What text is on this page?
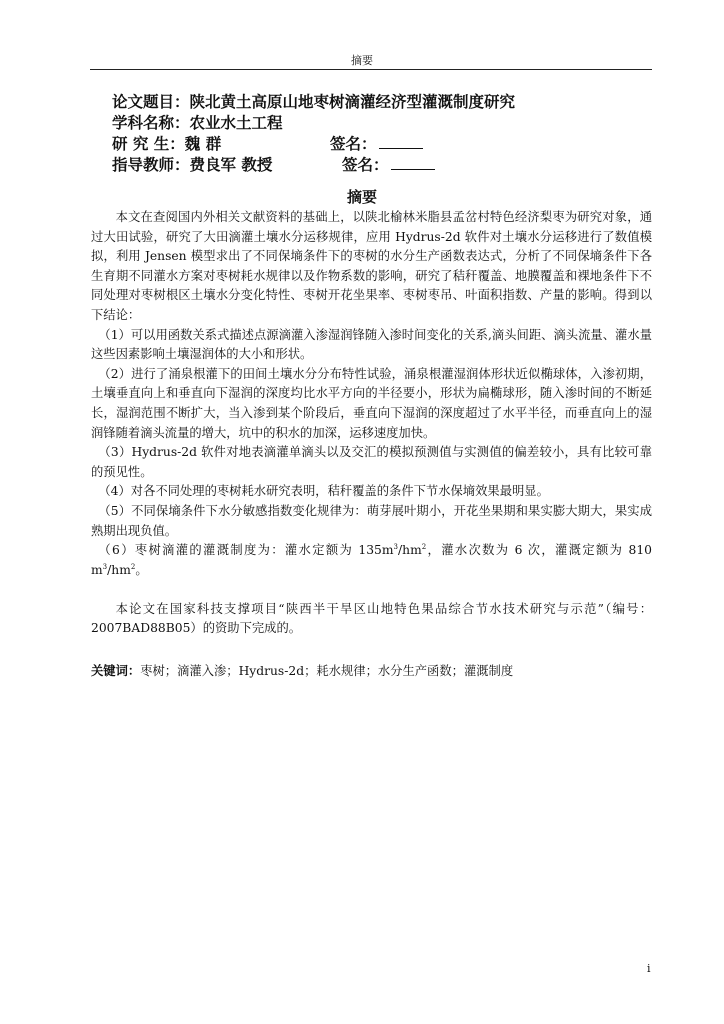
摘要
论文题目：陕北黄土高原山地枣树滴灌经济型灌溉制度研究
学科名称：农业水土工程
研 究 生：魏 群	签名：
指导教师：费良军 教授	签名：
摘要

本文在查阅国内外相关文献资料的基础上，以陕北榆林米脂县孟岔村特色经济梨枣为研究对象，通过大田试验，研究了大田滴灌土壤水分运移规律，应用 Hydrus-2d 软件对土壤水分运移进行了数值模拟，利用 Jensen 模型求出了不同保墒条件下的枣树的水分生产函数表达式，分析了不同保墒条件下各生育期不同灌水方案对枣树耗水规律以及作物系数的影响，研究了秸秆覆盖、地膜覆盖和裸地条件下不同处理对枣树根区土壤水分变化特性、枣树开花坐果率、枣树枣吊、叶面积指数、产量的影响。得到以下结论：

（1）可以用函数关系式描述点源滴灌入渗湿润锋随入渗时间变化的关系,滴头间距、滴头流量、灌水量这些因素影响土壤湿润体的大小和形状。

（2）进行了涌泉根灌下的田间土壤水分分布特性试验，涌泉根灌湿润体形状近似椭球体，入渗初期，土壤垂直向上和垂直向下湿润的深度均比水平方向的半径要小，形状为扁椭球形，随入渗时间的不断延长，湿润范围不断扩大，当入渗到某个阶段后，垂直向下湿润的深度超过了水平半径，而垂直向上的湿润锋随着滴头流量的增大，坑中的积水的加深，运移速度加快。

（3）Hydrus-2d 软件对地表滴灌单滴头以及交汇的模拟预测值与实测值的偏差较小，具有比较可靠的预见性。

（4）对各不同处理的枣树耗水研究表明，秸秆覆盖的条件下节水保墒效果最明显。

（5）不同保墒条件下水分敏感指数变化规律为：萌芽展叶期小，开花坐果期和果实膨大期大，果实成熟期出现负值。

（6）枣树滴灌的灌溉制度为：灌水定额为 $135m^3/hm^2$，灌水次数为 6 次，灌溉定额为 810 $m^3/hm^2$。

本论文在国家科技支撑项目“陕西半干旱区山地特色果品综合节水技术研究与示范”（编号：2007BAD88B05）的资助下完成的。

关键词：枣树；滴灌入渗；Hydrus-2d；耗水规律；水分生产函数；灌溉制度
i
